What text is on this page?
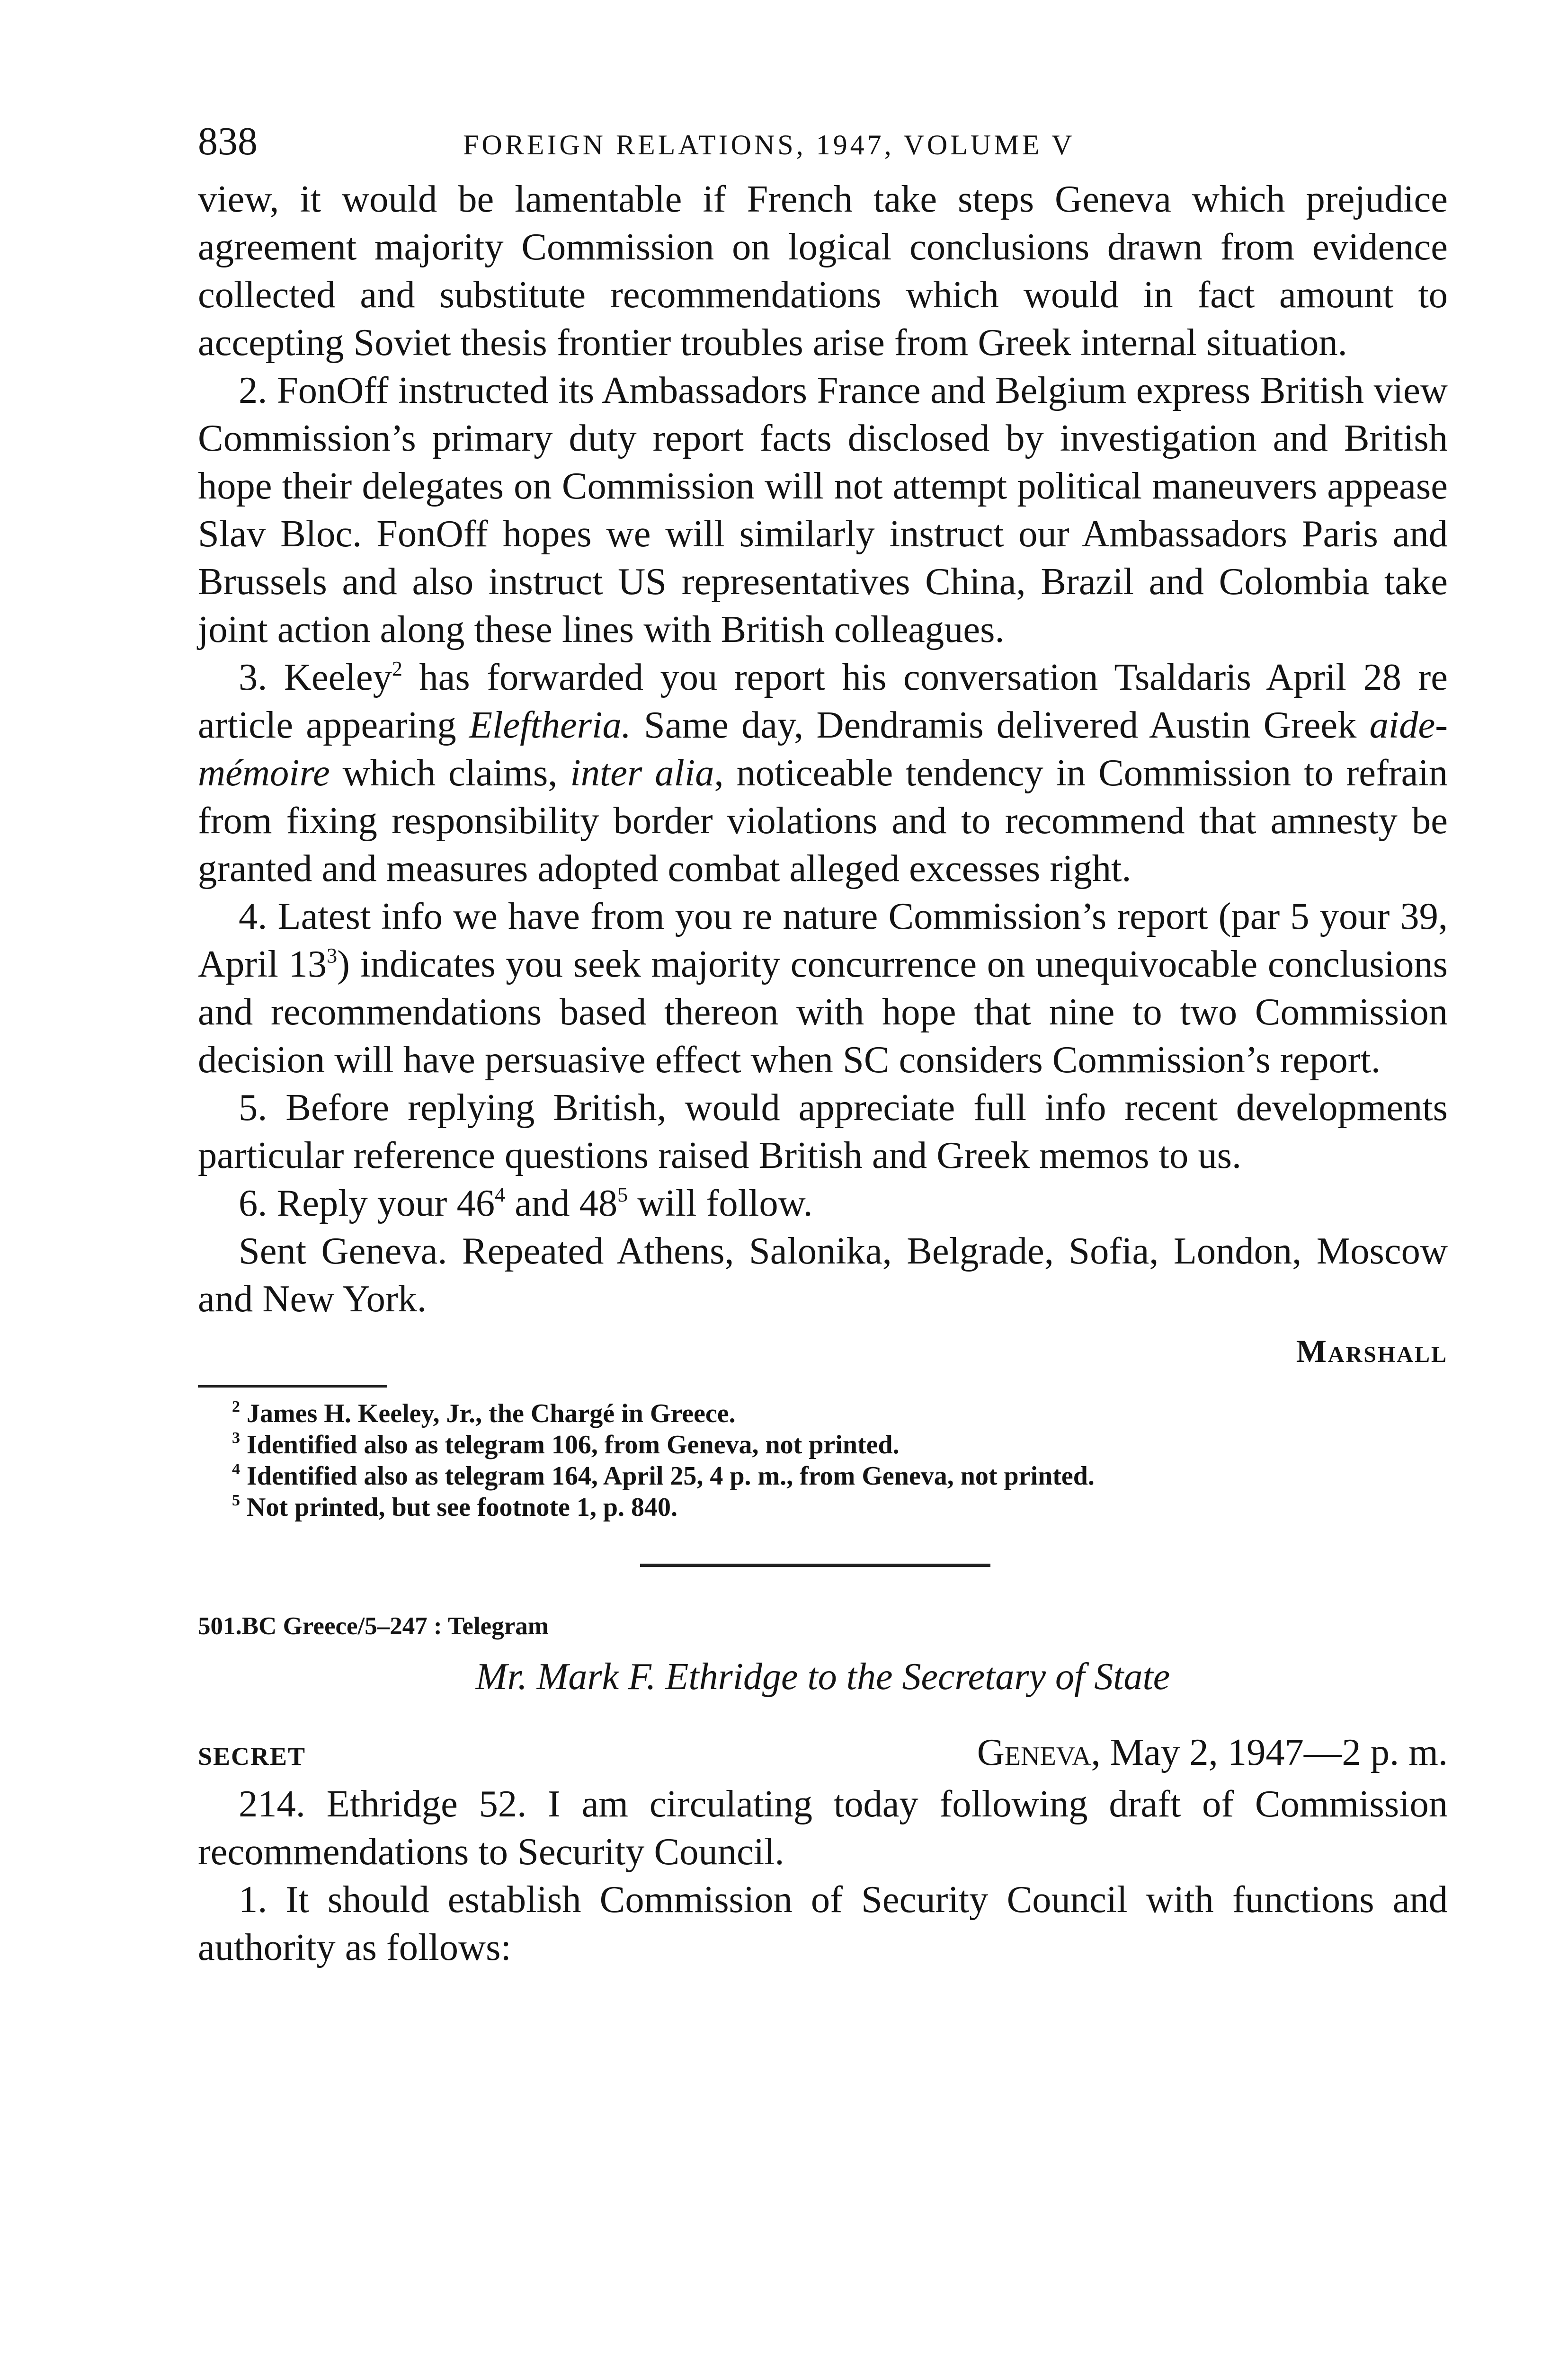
838	FOREIGN RELATIONS, 1947, VOLUME V

view, it would be lamentable if French take steps Geneva which prejudice agreement majority Commission on logical conclusions drawn from evidence collected and substitute recommendations which would in fact amount to accepting Soviet thesis frontier troubles arise from Greek internal situation.

2. FonOff instructed its Ambassadors France and Belgium express British view Commission’s primary duty report facts disclosed by investigation and British hope their delegates on Commission will not attempt political maneuvers appease Slav Bloc. FonOff hopes we will similarly instruct our Ambassadors Paris and Brussels and also instruct US representatives China, Brazil and Colombia take joint action along these lines with British colleagues.

3. Keeley$^2$ has forwarded you report his conversation Tsaldaris April 28 re article appearing Eleftheria. Same day, Dendramis delivered Austin Greek aide-mémoire which claims, inter alia, noticeable tendency in Commission to refrain from fixing responsibility border violations and to recommend that amnesty be granted and measures adopted combat alleged excesses right.

4. Latest info we have from you re nature Commission’s report (par 5 your 39, April $13^3$) indicates you seek majority concurrence on unequivocable conclusions and recommendations based thereon with hope that nine to two Commission decision will have persuasive effect when SC considers Commission’s report.

5. Before replying British, would appreciate full info recent developments particular reference questions raised British and Greek memos to us.

6. Reply your $46^4$ and $48^5$ will follow.

Sent Geneva. Repeated Athens, Salonika, Belgrade, Sofia, London, Moscow and New York.

Marshall
$^2$ James H. Keeley, Jr., the Chargé in Greece.
$^3$ Identified also as telegram 106, from Geneva, not printed.
$^4$ Identified also as telegram 164, April 25, 4 p. m., from Geneva, not printed.
$^5$ Not printed, but see footnote 1, p. 840.
501.BC Greece/5–247 : Telegram
Mr. Mark F. Ethridge to the Secretary of State
SECRET	Geneva, May 2, 1947—2 p. m.

214. Ethridge 52. I am circulating today following draft of Commission recommendations to Security Council.

1. It should establish Commission of Security Council with functions and authority as follows:
